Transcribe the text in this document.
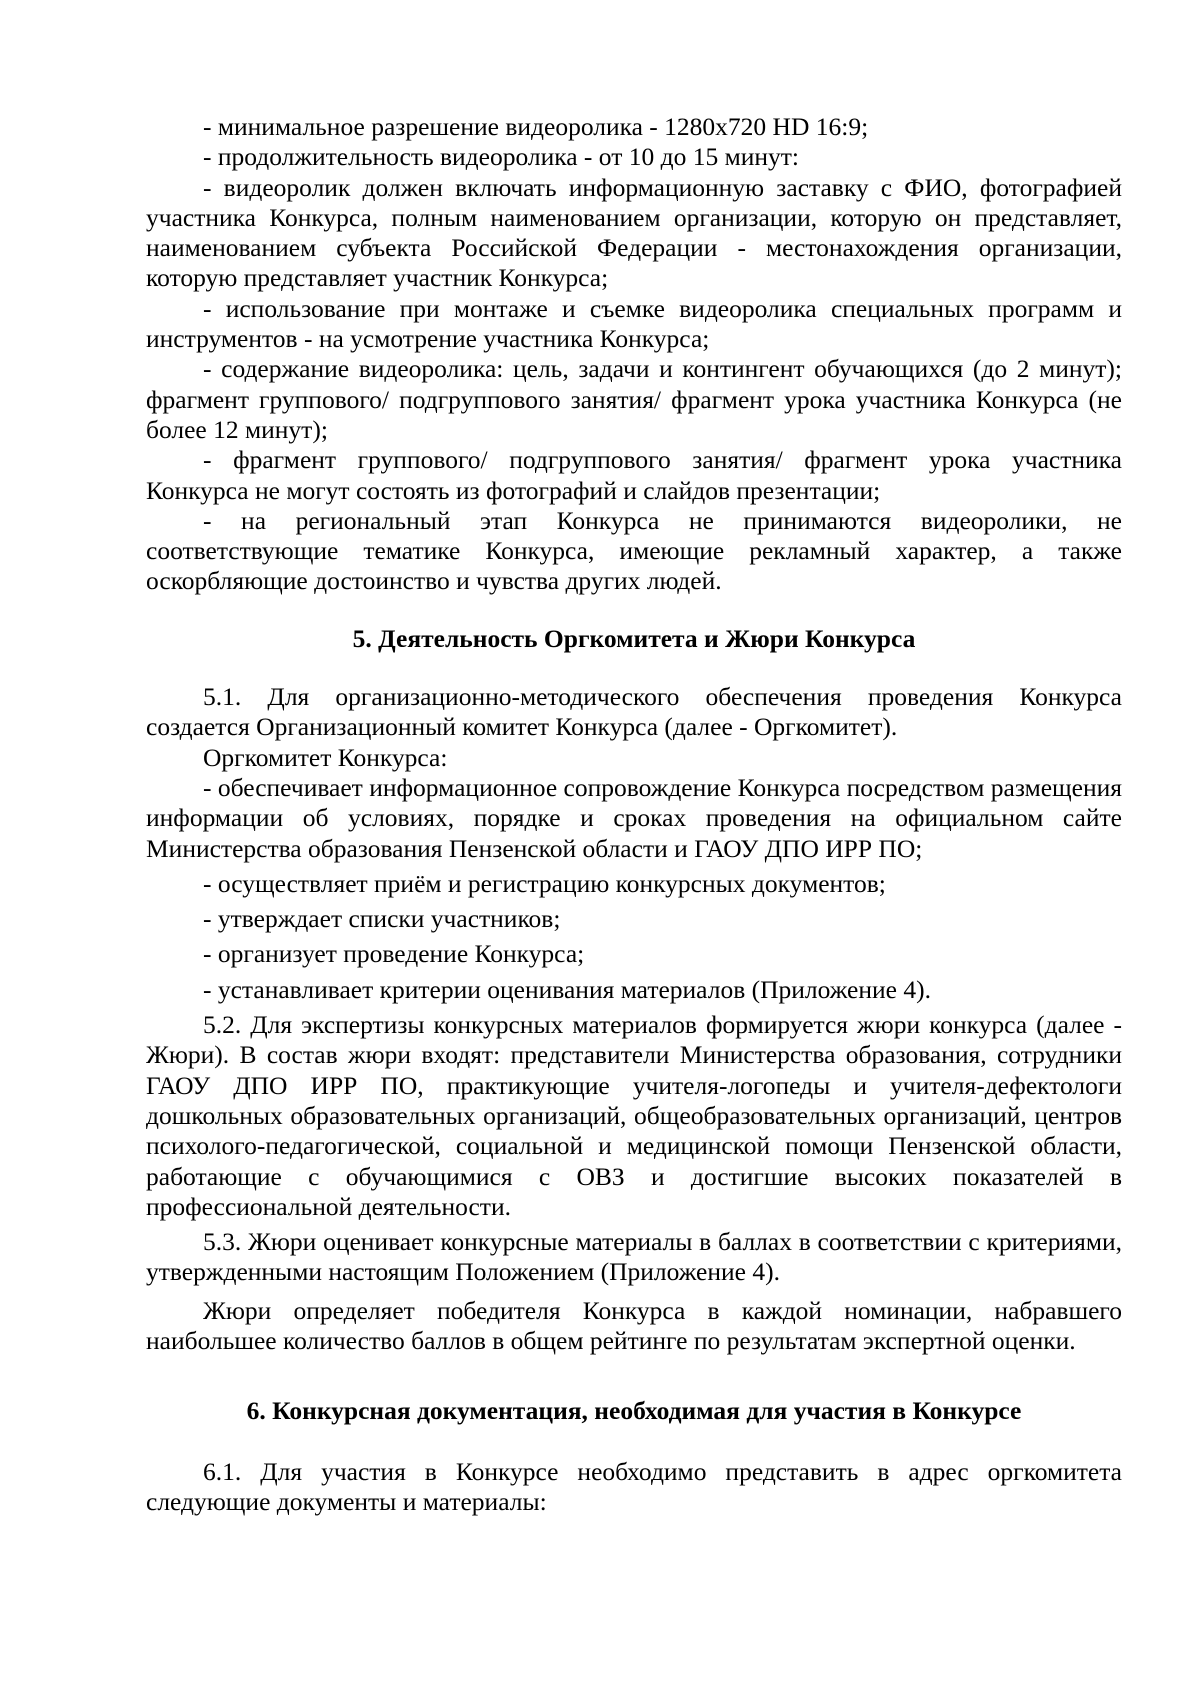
- минимальное разрешение видеоролика - 1280x720 HD 16:9;

- продолжительность видеоролика - от 10 до 15 минут:

- видеоролик должен включать информационную заставку с ФИО, фотографией участника Конкурса, полным наименованием организации, которую он представляет, наименованием субъекта Российской Федерации - местонахождения организации, которую представляет участник Конкурса;

- использование при монтаже и съемке видеоролика специальных программ и инструментов - на усмотрение участника Конкурса;

- содержание видеоролика: цель, задачи и контингент обучающихся (до 2 минут); фрагмент группового/ подгруппового занятия/ фрагмент урока участника Конкурса (не более 12 минут);

- фрагмент группового/ подгруппового занятия/ фрагмент урока участника Конкурса не могут состоять из фотографий и слайдов презентации;

- на региональный этап Конкурса не принимаются видеоролики, не соответствующие тематике Конкурса, имеющие рекламный характер, а также оскорбляющие достоинство и чувства других людей.

5. Деятельность Оргкомитета и Жюри Конкурса

5.1. Для организационно-методического обеспечения проведения Конкурса создается Организационный комитет Конкурса (далее - Оргкомитет).

Оргкомитет Конкурса:

- обеспечивает информационное сопровождение Конкурса посредством размещения информации об условиях, порядке и сроках проведения на официальном сайте Министерства образования Пензенской области и ГАОУ ДПО ИРР ПО;

- осуществляет приём и регистрацию конкурсных документов;

- утверждает списки участников;

- организует проведение Конкурса;

- устанавливает критерии оценивания материалов (Приложение 4).

5.2. Для экспертизы конкурсных материалов формируется жюри конкурса (далее - Жюри). В состав жюри входят: представители Министерства образования, сотрудники ГАОУ ДПО ИРР ПО, практикующие учителя-логопеды и учителя-дефектологи дошкольных образовательных организаций, общеобразовательных организаций, центров психолого-педагогической, социальной и медицинской помощи Пензенской области, работающие с обучающимися с ОВЗ и достигшие высоких показателей в профессиональной деятельности.

5.3. Жюри оценивает конкурсные материалы в баллах в соответствии с критериями, утвержденными настоящим Положением (Приложение 4).

Жюри определяет победителя Конкурса в каждой номинации, набравшего наибольшее количество баллов в общем рейтинге по результатам экспертной оценки.

6. Конкурсная документация, необходимая для участия в Конкурсе

6.1. Для участия в Конкурсе необходимо представить в адрес оргкомитета следующие документы и материалы:
